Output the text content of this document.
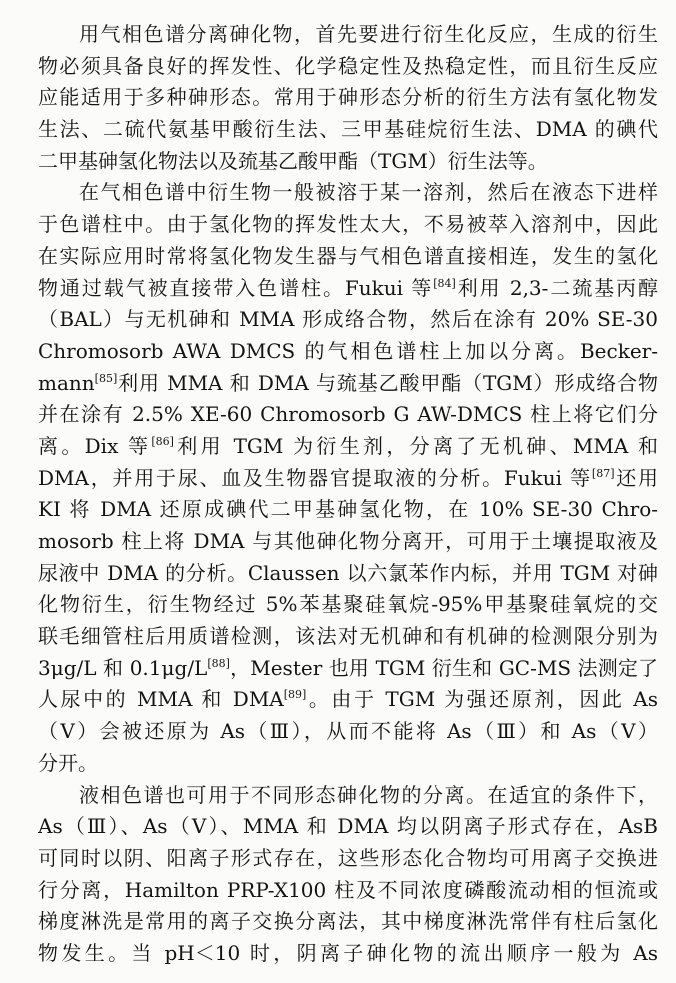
用气相色谱分离砷化物，首先要进行衍生化反应，生成的衍生
物必须具备良好的挥发性、化学稳定性及热稳定性，而且衍生反应
应能适用于多种砷形态。常用于砷形态分析的衍生方法有氢化物发
生法、二硫代氨基甲酸衍生法、三甲基硅烷衍生法、DMA 的碘代
二甲基砷氢化物法以及巯基乙酸甲酯（TGM）衍生法等。
在气相色谱中衍生物一般被溶于某一溶剂，然后在液态下进样
于色谱柱中。由于氢化物的挥发性太大，不易被萃入溶剂中，因此
在实际应用时常将氢化物发生器与气相色谱直接相连，发生的氢化
物通过载气被直接带入色谱柱。Fukui 等[84]利用 2,3-二巯基丙醇
（BAL）与无机砷和 MMA 形成络合物，然后在涂有 20% SE-30
Chromosorb AWA DMCS 的气相色谱柱上加以分离。Becker-
mann[85]利用 MMA 和 DMA 与巯基乙酸甲酯（TGM）形成络合物
并在涂有 2.5% XE-60 Chromosorb G AW-DMCS 柱上将它们分
离。Dix 等[86]利用 TGM 为衍生剂，分离了无机砷、MMA 和
DMA，并用于尿、血及生物器官提取液的分析。Fukui 等[87]还用
KI 将 DMA 还原成碘代二甲基砷氢化物，在 10% SE-30 Chro-
mosorb 柱上将 DMA 与其他砷化物分离开，可用于土壤提取液及
尿液中 DMA 的分析。Claussen 以六氯苯作内标，并用 TGM 对砷
化物衍生，衍生物经过 5%苯基聚硅氧烷-95%甲基聚硅氧烷的交
联毛细管柱后用质谱检测，该法对无机砷和有机砷的检测限分别为
3μg/L 和 0.1μg/L[88]，Mester 也用 TGM 衍生和 GC-MS 法测定了
人尿中的 MMA 和 DMA[89]。由于 TGM 为强还原剂，因此 As
（Ⅴ）会被还原为 As（Ⅲ），从而不能将 As（Ⅲ）和 As（Ⅴ）
分开。
液相色谱也可用于不同形态砷化物的分离。在适宜的条件下，
As（Ⅲ）、As（Ⅴ）、MMA 和 DMA 均以阴离子形式存在，AsB
可同时以阴、阳离子形式存在，这些形态化合物均可用离子交换进
行分离，Hamilton PRP-X100 柱及不同浓度磷酸流动相的恒流或
梯度淋洗是常用的离子交换分离法，其中梯度淋洗常伴有柱后氢化
物发生。当 pH＜10 时，阴离子砷化物的流出顺序一般为 As
